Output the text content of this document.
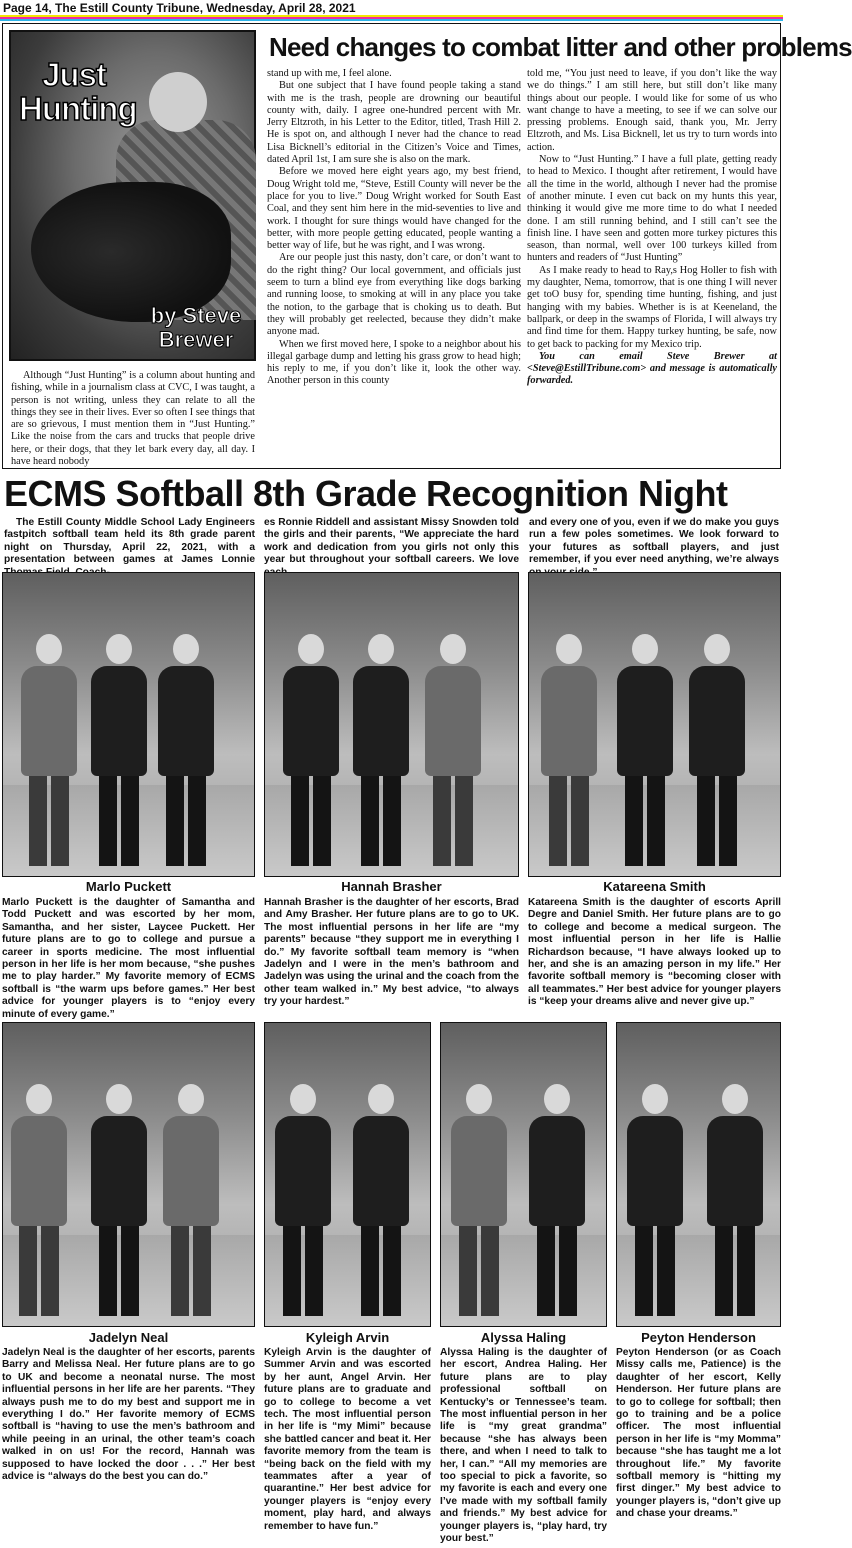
Page 14, The Estill County Tribune, Wednesday, April 28, 2021
Just Hunting
by Steve Brewer
Need changes to combat litter and other problems

Although “Just Hunting” is a column about hunting and fishing, while in a journalism class at CVC, I was taught, a person is not writing, unless they can relate to all the things they see in their lives. Ever so often I see things that are so grievous, I must mention them in “Just Hunting.” Like the noise from the cars and trucks that people drive here, or their dogs, that they let bark every day, all day. I have heard nobody

stand up with me, I feel alone.

But one subject that I have found people taking a stand with me is the trash, people are drowning our beautiful county with, daily. I agree one-hundred percent with Mr. Jerry Eltzroth, in his Letter to the Editor, titled, Trash Hill 2. He is spot on, and although I never had the chance to read Lisa Bicknell’s editorial in the Citizen’s Voice and Times, dated April 1st, I am sure she is also on the mark.

Before we moved here eight years ago, my best friend, Doug Wright told me, “Steve, Estill County will never be the place for you to live.” Doug Wright worked for South East Coal, and they sent him here in the mid-seventies to live and work. I thought for sure things would have changed for the better, with more people getting educated, people wanting a better way of life, but he was right, and I was wrong.

Are our people just this nasty, don’t care, or don’t want to do the right thing? Our local government, and officials just seem to turn a blind eye from everything like dogs barking and running loose, to smoking at will in any place you take the notion, to the garbage that is choking us to death. But they will probably get reelected, because they didn’t make anyone mad.

When we first moved here, I spoke to a neighbor about his illegal garbage dump and letting his grass grow to head high; his reply to me, if you don’t like it, look the other way. Another person in this county

told me, “You just need to leave, if you don’t like the way we do things.” I am still here, but still don’t like many things about our people. I would like for some of us who want change to have a meeting, to see if we can solve our pressing problems. Enough said, thank you, Mr. Jerry Eltzroth, and Ms. Lisa Bicknell, let us try to turn words into action.

Now to “Just Hunting.” I have a full plate, getting ready to head to Mexico. I thought after retirement, I would have all the time in the world, although I never had the promise of another minute. I even cut back on my hunts this year, thinking it would give me more time to do what I needed done. I am still running behind, and I still can’t see the finish line. I have seen and gotten more turkey pictures this season, than normal, well over 100 turkeys killed from hunters and readers of “Just Hunting”

As I make ready to head to Ray,s Hog Holler to fish with my daughter, Nema, tomorrow, that is one thing I will never get toO busy for, spending time hunting, fishing, and just hanging with my babies. Whether is is at Keeneland, the ballpark, or deep in the swamps of Florida, I will always try and find time for them. Happy turkey hunting, be safe, now to get back to packing for my Mexico trip.

You can email Steve Brewer at <Steve@EstillTribune.com> and message is automatically forwarded.

ECMS Softball 8th Grade Recognition Night

The Estill County Middle School Lady Engineers fastpitch softball team held its 8th grade parent night on Thursday, April 22, 2021, with a presentation between games at James Lonnie

es Ronnie Riddell and assistant Missy Snowden told the girls and their parents, “We appreciate the hard work and dedication from you girls not only this year but throughout your softball careers. We love

and every one of you, even if we do make you guys run a few poles sometimes. We look forward to your futures as softball players, and just remember, if you ever need anything, we’re always

Marlo Puckett	Hannah Brasher	Katareena Smith

Marlo Puckett is the daughter of Samantha and Todd Puckett and was escorted by her mom, Samantha, and her sister, Laycee Puckett. Her future plans are to go to college and pursue a career in sports medicine. The most influential person in her life is her mom because, “she pushes me to play harder.” My favorite memory of ECMS softball is “the warm ups before games.” Her best advice for younger players is to “enjoy every minute of every game.”

Hannah Brasher is the daughter of her escorts, Brad and Amy Brasher. Her future plans are to go to UK. The most influential persons in her life are “my parents” because “they support me in everything I do.” My favorite softball team memory is “when Jadelyn and I were in the men’s bathroom and Jadelyn was using the urinal and the coach from the other team walked in.” My best advice, “to always try your hardest.”

Katareena Smith is the daughter of escorts Aprill Degre and Daniel Smith. Her future plans are to go to college and become a medical surgeon. The most influential person in her life is Hallie Richardson because, “I have always looked up to her, and she is an amazing person in my life.” Her favorite softball memory is “becoming closer with all teammates.” Her best advice for younger players is “keep your dreams alive and never give up.”

Jadelyn Neal	Kyleigh Arvin	Alyssa Haling	Peyton Henderson

Jadelyn Neal is the daughter of her escorts, parents Barry and Melissa Neal. Her future plans are to go to UK and become a neonatal nurse. The most influential persons in her life are her parents. “They always push me to do my best and support me in everything I do.” Her favorite memory of ECMS softball is “having to use the men’s bathroom and while peeing in an urinal, the other team’s coach walked in on us! For the record, Hannah was supposed to have locked the door . . .” Her best advice is “always do the best you can do.”

Kyleigh Arvin is the daughter of Summer Arvin and was escorted by her aunt, Angel Arvin. Her future plans are to graduate and go to college to become a vet tech. The most influential person in her life is “my Mimi” because she battled cancer and beat it. Her favorite memory from the team is “being back on the field with my teammates after a year of quarantine.” Her best advice for younger players is “enjoy every moment, play hard, and always remember to have fun.”

Alyssa Haling is the daughter of her escort, Andrea Haling. Her future plans are to play professional softball on Kentucky’s or Tennessee’s team. The most influential person in her life is “my great grandma” because “she has always been there, and when I need to talk to her, I can.” “All my memories are too special to pick a favorite, so my favorite is each and every one I’ve made with my softball family and friends.” My best advice for younger players is, “play hard, try your best.”

Peyton Henderson (or as Coach Missy calls me, Patience) is the daughter of her escort, Kelly Henderson. Her future plans are to go to college for softball; then go to training and be a police officer. The most influential person in her life is “my Momma” because “she has taught me a lot throughout life.” My favorite softball memory is “hitting my first dinger.” My best advice to younger players is, “don’t give up and chase your dreams.”
